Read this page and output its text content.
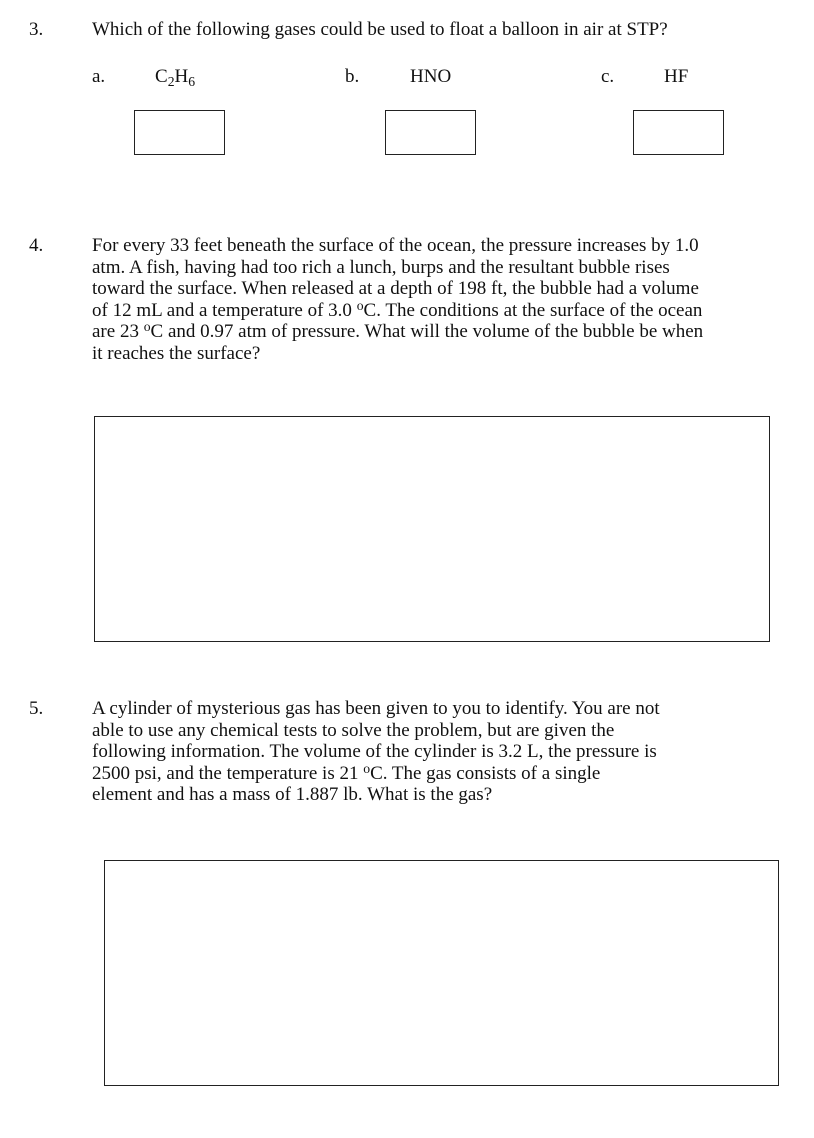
3.	Which of the following gases could be used to float a balloon in air at STP?
a.	$C_2H_6$	b.	HNO	c.	HF
4.	For every 33 feet beneath the surface of the ocean, the pressure increases by 1.0
atm. A fish, having had too rich a lunch, burps and the resultant bubble rises
toward the surface. When released at a depth of 198 ft, the bubble had a volume
of 12 mL and a temperature of 3.0 $^o$C. The conditions at the surface of the ocean
are 23 $^o$C and 0.97 atm of pressure. What will the volume of the bubble be when
it reaches the surface?
5.	A cylinder of mysterious gas has been given to you to identify. You are not
able to use any chemical tests to solve the problem, but are given the
following information. The volume of the cylinder is 3.2 L, the pressure is
2500 psi, and the temperature is 21 $^o$C. The gas consists of a single
element and has a mass of 1.887 lb. What is the gas?
